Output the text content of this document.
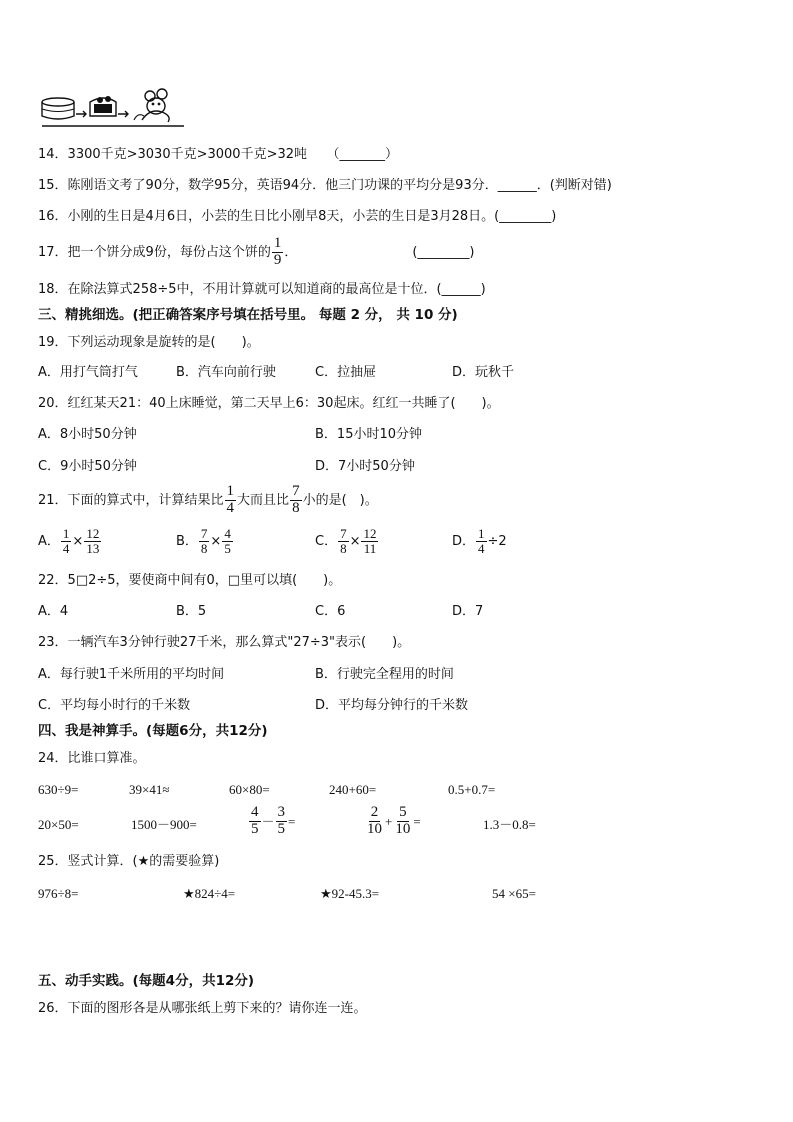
14．3300千克>3030千克>3000千克>32吨　　（_______）
15．陈刚语文考了90分，数学95分，英语94分．他三门功课的平均分是93分．______．(判断对错)
16．小刚的生日是4月6日，小芸的生日比小刚早8天，小芸的生日是3月28日。(________)
17．把一个饼分成9份，每份占这个饼的 $\frac{1}{9}$ ．	(________)
18．在除法算式258÷5中，不用计算就可以知道商的最高位是十位．(______)
三、精挑细选。(把正确答案序号填在括号里。 每题 2 分， 共 10 分)
19．下列运动现象是旋转的是(　　)。
A．用打气筒打气	B．汽车向前行驶	C．拉抽屉	D．玩秋千
20．红红某天21：40上床睡觉，第二天早上6：30起床。红红一共睡了(　　)。
A．8小时50分钟	B．15小时10分钟
C．9小时50分钟	D．7小时50分钟
21．下面的算式中，计算结果比 $\frac{1}{4}$ 大而且比 $\frac{7}{8}$ 小的是(　)。
A． $\frac{1}{4} \times \frac{12}{13}$	B． $\frac{7}{8} \times \frac{4}{5}$	C． $\frac{7}{8} \times \frac{12}{11}$	D． $\frac{1}{4} \div 2$
22．5□2÷5，要使商中间有0，□里可以填(　　)。
A．4	B．5	C．6	D．7
23．一辆汽车3分钟行驶27千米，那么算式"27÷3"表示(　　)。
A．每行驶1千米所用的平均时间	B．行驶完全程用的时间
C．平均每小时行的千米数	D．平均每分钟行的千米数
四、我是神算手。(每题6分，共12分)
24．比谁口算准。
630÷9=	39×41≈	60×80=	240+60=	0.5+0.7=
20×50=	1500－900=	$\frac{4}{5} - \frac{3}{5}$ =	$\frac{2}{10} + \frac{5}{10}$ =	1.3－0.8=
25．竖式计算．(★的需要验算)
976÷8=	★824÷4=	★92-45.3=	54 ×65=
五、动手实践。(每题4分，共12分)
26．下面的图形各是从哪张纸上剪下来的？请你连一连。
